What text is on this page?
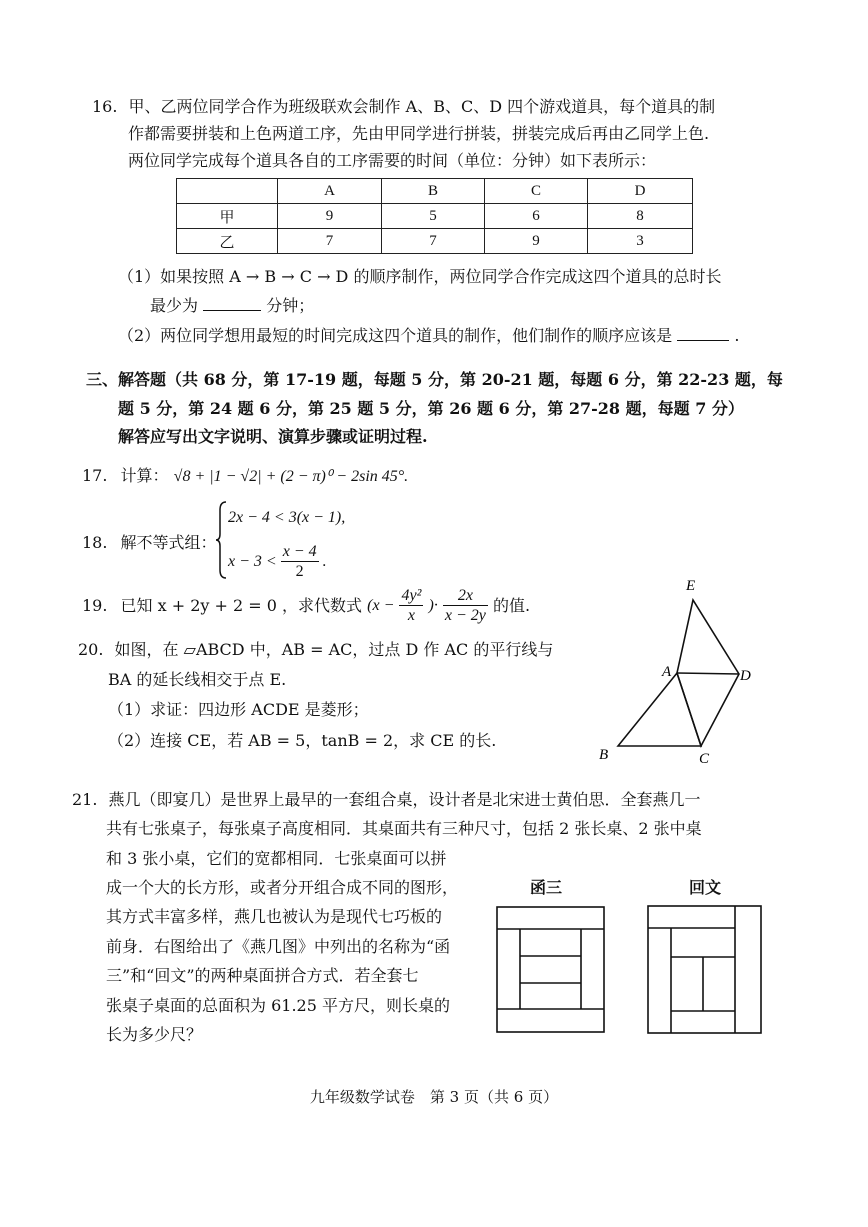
16. 甲、乙两位同学合作为班级联欢会制作 A、B、C、D 四个游戏道具，每个道具的制
作都需要拼装和上色两道工序，先由甲同学进行拼装，拼装完成后再由乙同学上色.
两位同学完成每个道具各自的工序需要的时间（单位：分钟）如下表所示：
	A	B	C	D
甲	9	5	6	8
乙	7	7	9	3
（1）如果按照 A → B → C → D 的顺序制作，两位同学合作完成这四个道具的总时长
最少为	分钟；
（2）两位同学想用最短的时间完成这四个道具的制作，他们制作的顺序应该是	.
三、解答题（共 68 分，第 17-19 题，每题 5 分，第 20-21 题，每题 6 分，第 22-23 题，每
题 5 分，第 24 题 6 分，第 25 题 5 分，第 26 题 6 分，第 27-28 题，每题 7 分）
解答应写出文字说明、演算步骤或证明过程.
17. 计算： √8 + |1 − √2| + (2 − π)⁰ − 2sin 45°.
18. 解不等式组：
2x − 4 < 3(x − 1),
$x - 3 < \frac{x - 4}{2}$ .
19. 已知 x + 2y + 2 = 0 ，求代数式 ($x - \frac{\text{4y²}}{x}$ )· $\frac{2x}{x - 2y}$ 的值.
20. 如图，在 ▱ABCD 中，AB = AC，过点 D 作 AC 的平行线与
BA 的延长线相交于点 E.
（1）求证：四边形 ACDE 是菱形；
（2）连接 CE，若 AB = 5，tanB = 2，求 CE 的长.
E
A	D
B	C
21. 燕几（即宴几）是世界上最早的一套组合桌，设计者是北宋进士黄伯思．全套燕几一
共有七张桌子，每张桌子高度相同．其桌面共有三种尺寸，包括 2 张长桌、2 张中桌
和 3 张小桌，它们的宽都相同．七张桌面可以拼
成一个大的长方形，或者分开组合成不同的图形，
其方式丰富多样，燕几也被认为是现代七巧板的
前身．右图给出了《燕几图》中列出的名称为“函
三”和“回文”的两种桌面拼合方式．若全套七
张桌子桌面的总面积为 61.25 平方尺，则长桌的
长为多少尺？
函三	回文
九年级数学试卷　第 3 页（共 6 页）
